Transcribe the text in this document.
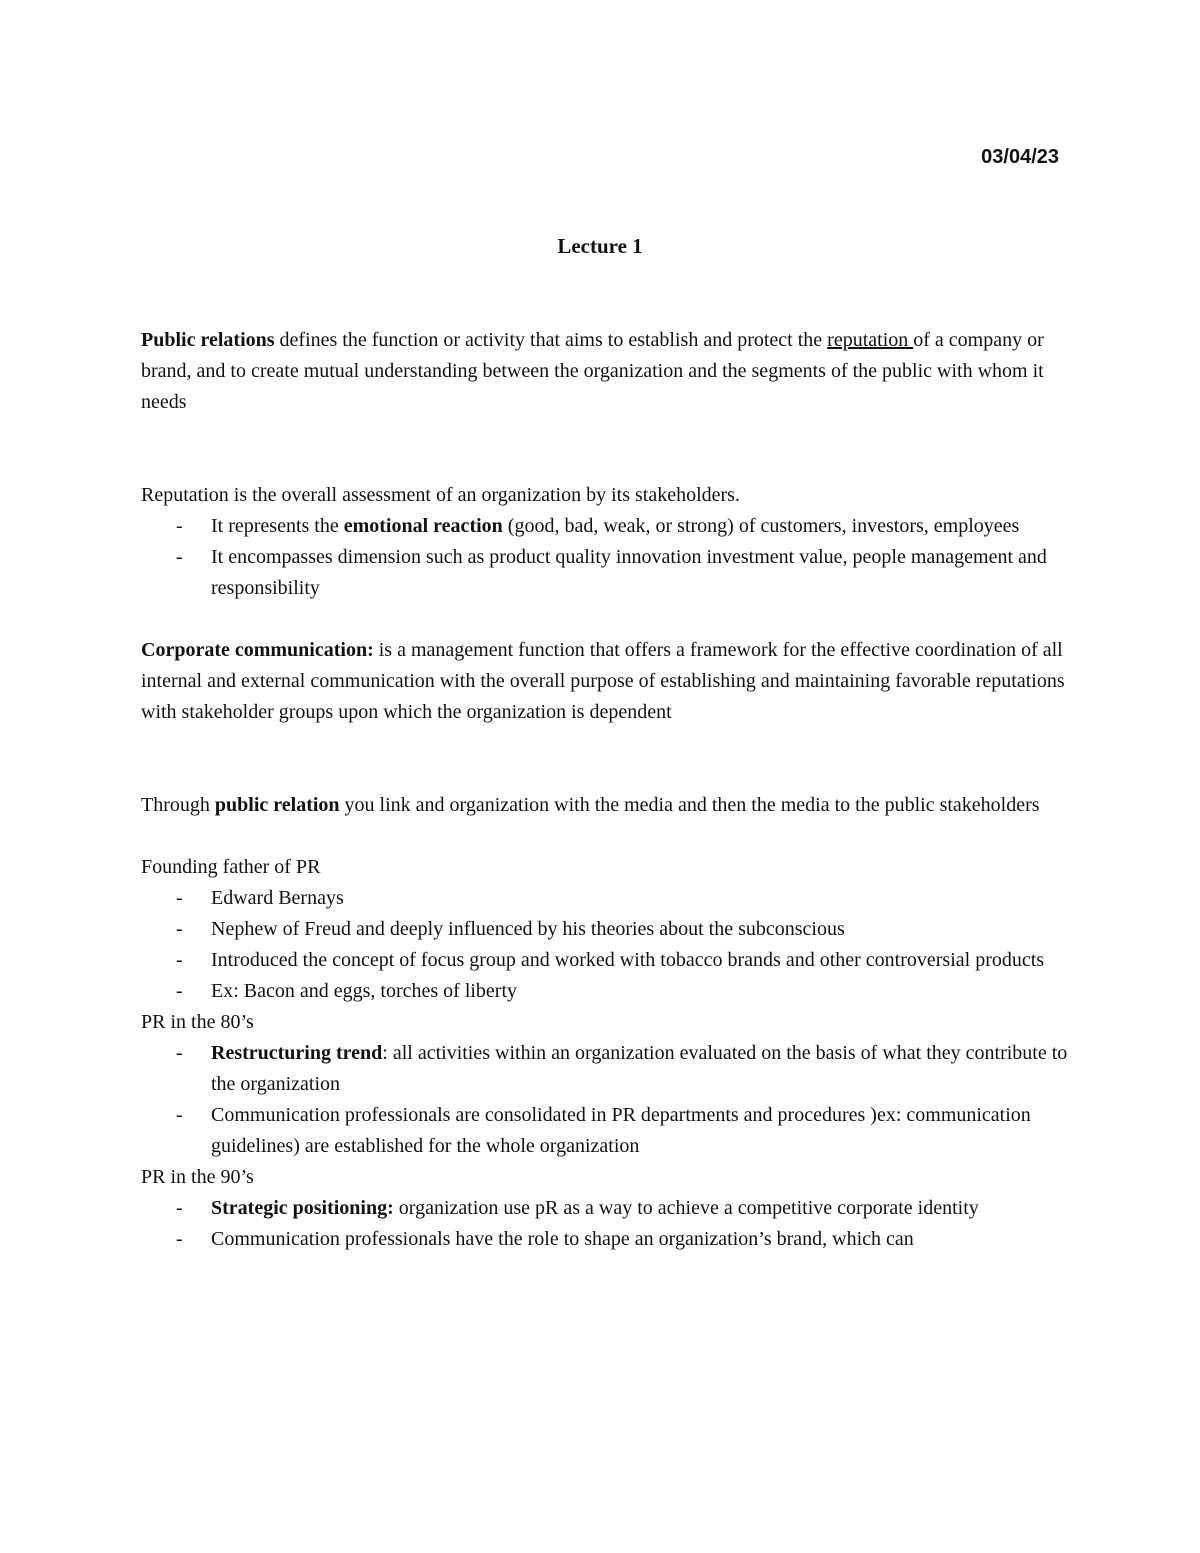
03/04/23
Lecture 1

Public relations defines the function or activity that aims to establish and protect the reputation of a company or brand, and to create mutual understanding between the organization and the segments of the public with whom it needs

Reputation is the overall assessment of an organization by its stakeholders.

- It represents the emotional reaction (good, bad, weak, or strong) of customers, investors, employees
- It encompasses dimension such as product quality innovation investment value, people management and responsibility

Corporate communication: is a management function that offers a framework for the effective coordination of all internal and external communication with the overall purpose of establishing and maintaining favorable reputations with stakeholder groups upon which the organization is dependent

Through public relation you link and organization with the media and then the media to the public stakeholders

Founding father of PR

- Edward Bernays
- Nephew of Freud and deeply influenced by his theories about the subconscious
- Introduced the concept of focus group and worked with tobacco brands and other controversial products
- Ex: Bacon and eggs, torches of liberty

PR in the 80’s

- Restructuring trend: all activities within an organization evaluated on the basis of what they contribute to the organization
- Communication professionals are consolidated in PR departments and procedures )ex: communication guidelines) are established for the whole organization

PR in the 90’s

- Strategic positioning: organization use pR as a way to achieve a competitive corporate identity
- Communication professionals have the role to shape an organization’s brand, which can
